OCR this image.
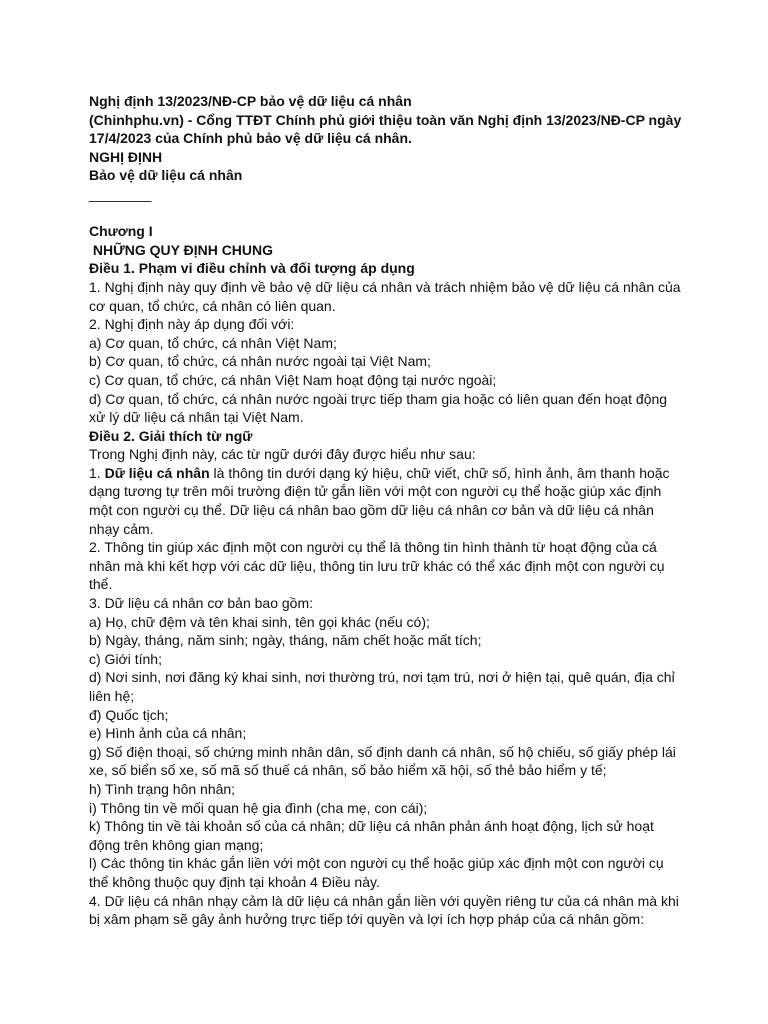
Nghị định 13/2023/NĐ-CP bảo vệ dữ liệu cá nhân

(Chinhphu.vn) - Cổng TTĐT Chính phủ giới thiệu toàn văn Nghị định 13/2023/NĐ-CP ngày

17/4/2023 của Chính phủ bảo vệ dữ liệu cá nhân.

NGHỊ ĐỊNH

Bảo vệ dữ liệu cá nhân

________

Chương I

NHỮNG QUY ĐỊNH CHUNG

Điều 1. Phạm vi điều chỉnh và đối tượng áp dụng

1. Nghị định này quy định về bảo vệ dữ liệu cá nhân và trách nhiệm bảo vệ dữ liệu cá nhân của cơ quan, tổ chức, cá nhân có liên quan.

2. Nghị định này áp dụng đối với:

a) Cơ quan, tổ chức, cá nhân Việt Nam;

b) Cơ quan, tổ chức, cá nhân nước ngoài tại Việt Nam;

c) Cơ quan, tổ chức, cá nhân Việt Nam hoạt động tại nước ngoài;

d) Cơ quan, tổ chức, cá nhân nước ngoài trực tiếp tham gia hoặc có liên quan đến hoạt động xử lý dữ liệu cá nhân tại Việt Nam.

Điều 2. Giải thích từ ngữ

Trong Nghị định này, các từ ngữ dưới đây được hiểu như sau:

1. Dữ liệu cá nhân là thông tin dưới dạng ký hiệu, chữ viết, chữ số, hình ảnh, âm thanh hoặc dạng tương tự trên môi trường điện tử gắn liền với một con người cụ thể hoặc giúp xác định một con người cụ thể. Dữ liệu cá nhân bao gồm dữ liệu cá nhân cơ bản và dữ liệu cá nhân nhạy cảm.

2. Thông tin giúp xác định một con người cụ thể là thông tin hình thành từ hoạt động của cá nhân mà khi kết hợp với các dữ liệu, thông tin lưu trữ khác có thể xác định một con người cụ thể.

3. Dữ liệu cá nhân cơ bản bao gồm:

a) Họ, chữ đệm và tên khai sinh, tên gọi khác (nếu có);

b) Ngày, tháng, năm sinh; ngày, tháng, năm chết hoặc mất tích;

c) Giới tính;

d) Nơi sinh, nơi đăng ký khai sinh, nơi thường trú, nơi tạm trú, nơi ở hiện tại, quê quán, địa chỉ liên hệ;

đ) Quốc tịch;

e) Hình ảnh của cá nhân;

g) Số điện thoại, số chứng minh nhân dân, số định danh cá nhân, số hộ chiếu, số giấy phép lái xe, số biển số xe, số mã số thuế cá nhân, số bảo hiểm xã hội, số thẻ bảo hiểm y tế;

h) Tình trạng hôn nhân;

i) Thông tin về mối quan hệ gia đình (cha mẹ, con cái);

k) Thông tin về tài khoản số của cá nhân; dữ liệu cá nhân phản ánh hoạt động, lịch sử hoạt động trên không gian mạng;

l) Các thông tin khác gắn liền với một con người cụ thể hoặc giúp xác định một con người cụ thể không thuộc quy định tại khoản 4 Điều này.

4. Dữ liệu cá nhân nhạy cảm là dữ liệu cá nhân gắn liền với quyền riêng tư của cá nhân mà khi bị xâm phạm sẽ gây ảnh hưởng trực tiếp tới quyền và lợi ích hợp pháp của cá nhân gồm:
